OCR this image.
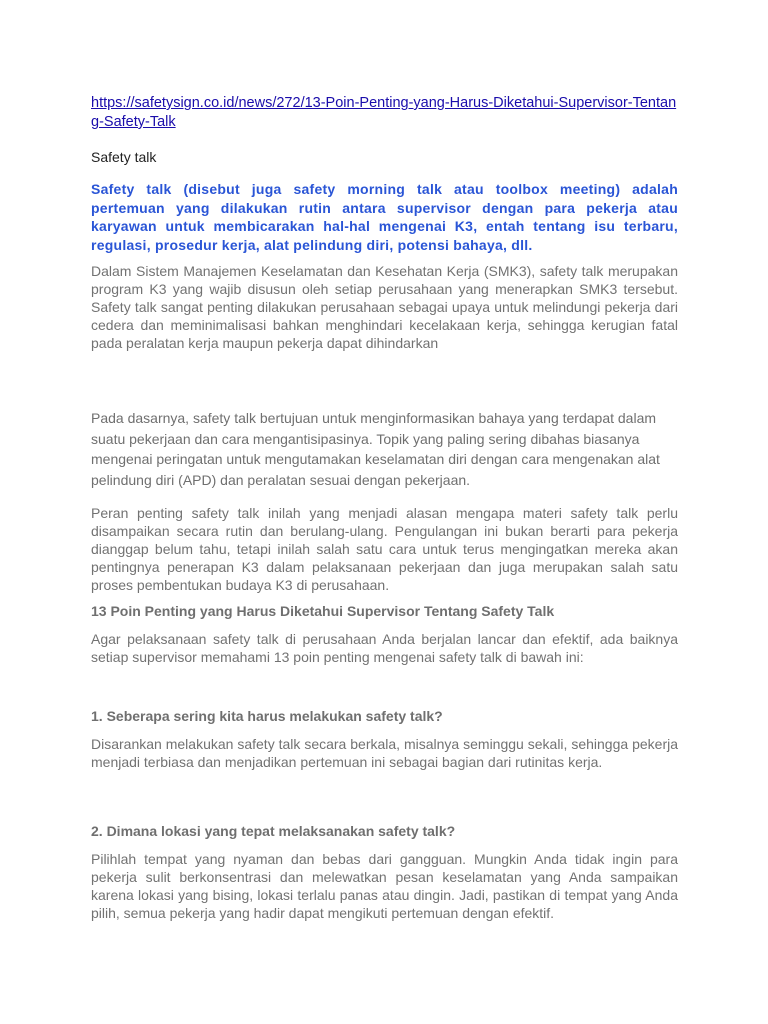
https://safetysign.co.id/news/272/13-Poin-Penting-yang-Harus-Diketahui-Supervisor-Tentang-Safety-Talk
Safety talk
Safety talk (disebut juga safety morning talk atau toolbox meeting) adalah pertemuan yang dilakukan rutin antara supervisor dengan para pekerja atau karyawan untuk membicarakan hal-hal mengenai K3, entah tentang isu terbaru, regulasi, prosedur kerja, alat pelindung diri, potensi bahaya, dll.
Dalam Sistem Manajemen Keselamatan dan Kesehatan Kerja (SMK3), safety talk merupakan program K3 yang wajib disusun oleh setiap perusahaan yang menerapkan SMK3 tersebut. Safety talk sangat penting dilakukan perusahaan sebagai upaya untuk melindungi pekerja dari cedera dan meminimalisasi bahkan menghindari kecelakaan kerja, sehingga kerugian fatal pada peralatan kerja maupun pekerja dapat dihindarkan
Pada dasarnya, safety talk bertujuan untuk menginformasikan bahaya yang terdapat dalam suatu pekerjaan dan cara mengantisipasinya. Topik yang paling sering dibahas biasanya mengenai peringatan untuk mengutamakan keselamatan diri dengan cara mengenakan alat pelindung diri (APD) dan peralatan sesuai dengan pekerjaan.
Peran penting safety talk inilah yang menjadi alasan mengapa materi safety talk perlu disampaikan secara rutin dan berulang-ulang. Pengulangan ini bukan berarti para pekerja dianggap belum tahu, tetapi inilah salah satu cara untuk terus mengingatkan mereka akan pentingnya penerapan K3 dalam pelaksanaan pekerjaan dan juga merupakan salah satu proses pembentukan budaya K3 di perusahaan.
13 Poin Penting yang Harus Diketahui Supervisor Tentang Safety Talk
Agar pelaksanaan safety talk di perusahaan Anda berjalan lancar dan efektif, ada baiknya setiap supervisor memahami 13 poin penting mengenai safety talk di bawah ini:
1. Seberapa sering kita harus melakukan safety talk?
Disarankan melakukan safety talk secara berkala, misalnya seminggu sekali, sehingga pekerja menjadi terbiasa dan menjadikan pertemuan ini sebagai bagian dari rutinitas kerja.
2. Dimana lokasi yang tepat melaksanakan safety talk?
Pilihlah tempat yang nyaman dan bebas dari gangguan. Mungkin Anda tidak ingin para pekerja sulit berkonsentrasi dan melewatkan pesan keselamatan yang Anda sampaikan karena lokasi yang bising, lokasi terlalu panas atau dingin. Jadi, pastikan di tempat yang Anda pilih, semua pekerja yang hadir dapat mengikuti pertemuan dengan efektif.
